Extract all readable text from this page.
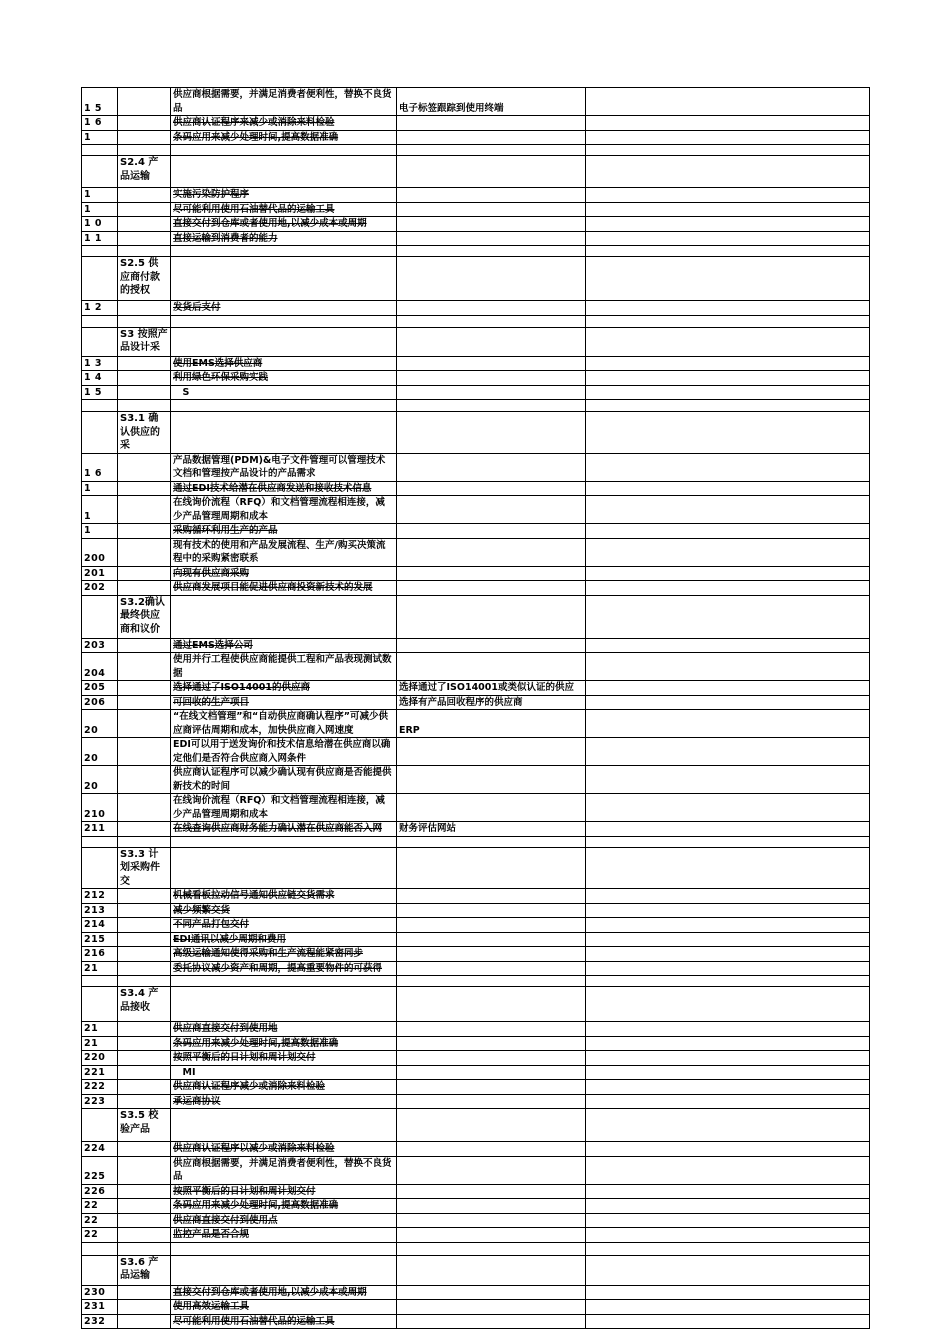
1 5		供应商根据需要，并满足消费者便利性，替换不良货品	电子标签跟踪到使用终端	
1 6		供应商认证程序来减少或消除来料检验		
1		条码应用来减少处理时间,提高数据准确		

	S2.4 产品运输			
1		实施污染防护程序		
1		尽可能利用使用石油替代品的运输工具		
1 0		直接交付到仓库或者使用地,以减少成本或周期		
1 1		直接运输到消费者的能力		

	S2.5 供应商付款的授权			
1 2		发货后支付		

	S3 按照产品设计采			
1 3		使用EMS选择供应商		
1 4		利用绿色环保采购实践		
1 5		　S		

	S3.1 确认供应的采			
1 6		产品数据管理(PDM)&电子文件管理可以管理技术文档和管理按产品设计的产品需求		
1		通过EDI技术给潜在供应商发送和接收技术信息		
1		在线询价流程（RFQ）和文档管理流程相连接，减少产品管理周期和成本		
1		采购循环利用生产的产品		
200		现有技术的使用和产品发展流程、生产/购买决策流程中的采购紧密联系		
201		向现有供应商采购		
202		供应商发展项目能促进供应商投资新技术的发展		
	S3.2确认最终供应商和议价			
203		通过EMS选择公司		
204		使用并行工程使供应商能提供工程和产品表现测试数据		
205		选择通过了ISO14001的供应商	选择通过了ISO14001或类似认证的供应	
206		可回收的生产项目	选择有产品回收程序的供应商	
20		“在线文档管理”和“自动供应商确认程序”可减少供应商评估周期和成本，加快供应商入网速度	ERP	
20		EDI可以用于送发询价和技术信息给潜在供应商以确定他们是否符合供应商入网条件		
20		供应商认证程序可以减少确认现有供应商是否能提供新技术的时间		
210		在线询价流程（RFQ）和文档管理流程相连接，减少产品管理周期和成本		
211		在线查询供应商财务能力确认潜在供应商能否入网	财务评估网站	

	S3.3 计划采购件交			
212		机械看板拉动信号通知供应链交货需求		
213		减少频繁交货		
214		不同产品打包交付		
215		EDI通讯以减少周期和费用		
216		高级运输通知使得采购和生产流程能紧密同步		
21		委托协议减少资产和周期，提高重要物件的可获得		

	S3.4 产品接收			
21		供应商直接交付到使用地		
21		条码应用来减少处理时间,提高数据准确		
220		按照平衡后的日计划和周计划交付		
221		　MI		
222		供应商认证程序减少或消除来料检验		
223		承运商协议		
	S3.5 校验产品			
224		供应商认证程序以减少或消除来料检验		
225		供应商根据需要，并满足消费者便利性，替换不良货品		
226		按照平衡后的日计划和周计划交付		
22		条码应用来减少处理时间,提高数据准确		
22		供应商直接交付到使用点		
22		监控产品是否合规		

	S3.6 产品运输			
230		直接交付到仓库或者使用地,以减少成本或周期		
231		使用高效运输工具		
232		尽可能利用使用石油替代品的运输工具		
